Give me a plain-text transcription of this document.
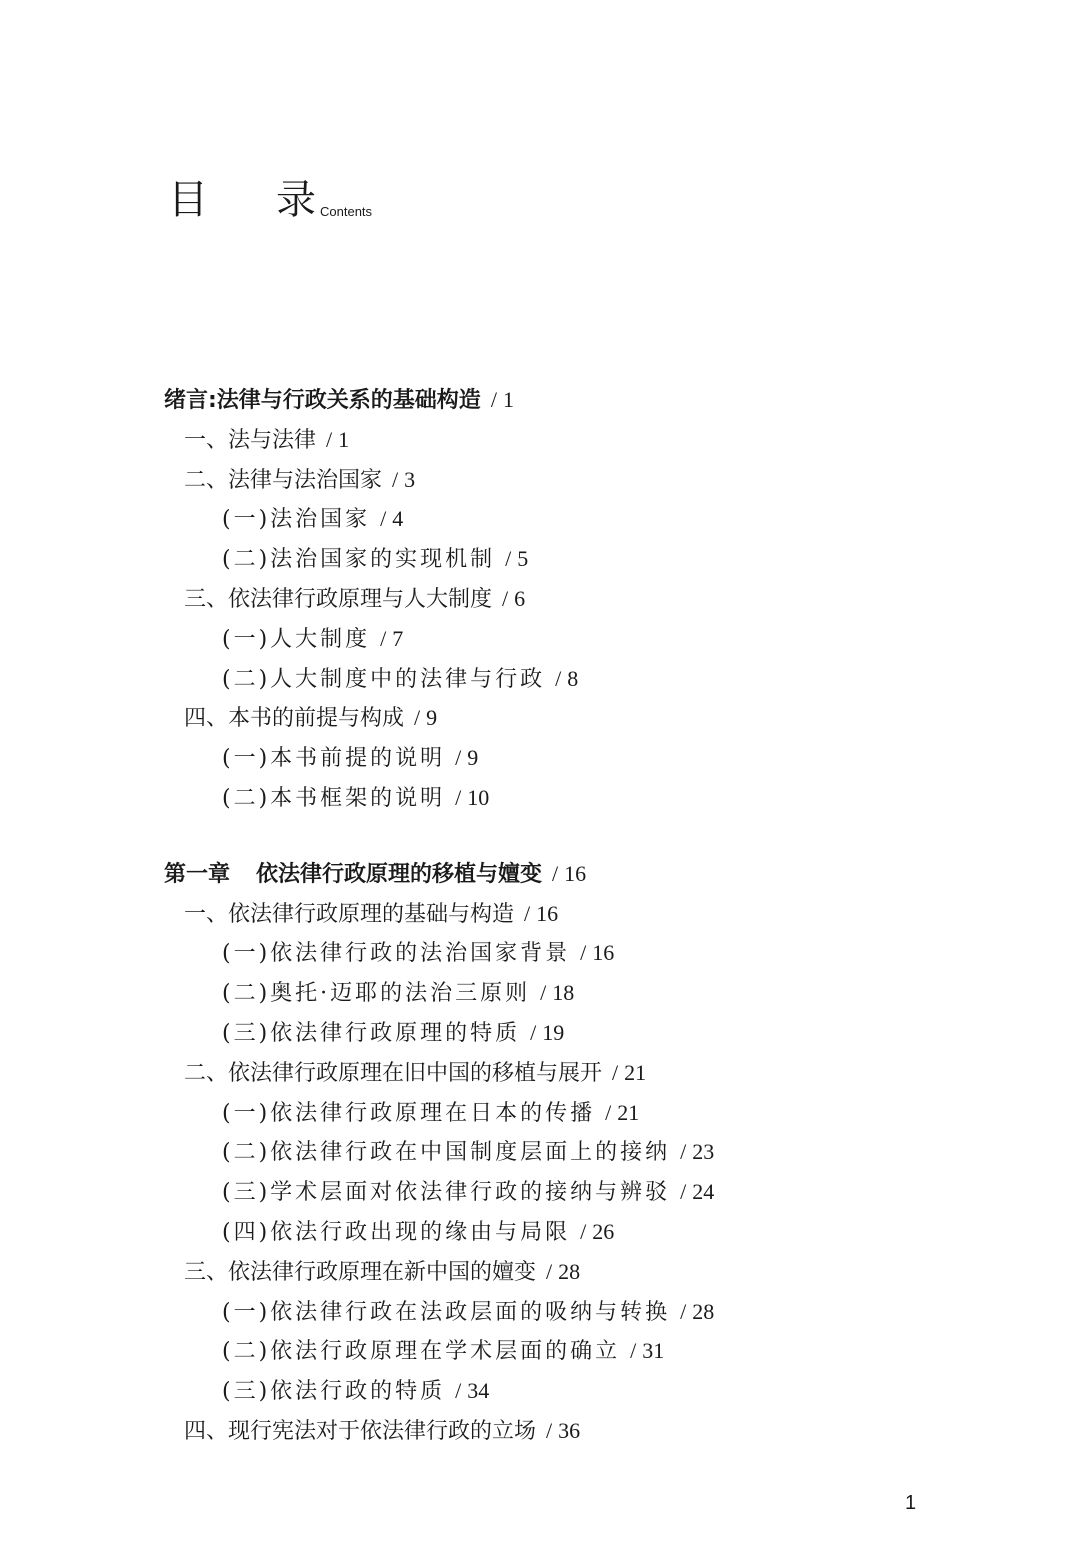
目 录 Contents
绪言:法律与行政关系的基础构造 / 1
一、法与法律 / 1
二、法律与法治国家 / 3
(一)法治国家 / 4
(二)法治国家的实现机制 / 5
三、依法律行政原理与人大制度 / 6
(一)人大制度 / 7
(二)人大制度中的法律与行政 / 8
四、本书的前提与构成 / 9
(一)本书前提的说明 / 9
(二)本书框架的说明 / 10
第一章 依法律行政原理的移植与嬗变 / 16
一、依法律行政原理的基础与构造 / 16
(一)依法律行政的法治国家背景 / 16
(二)奥托·迈耶的法治三原则 / 18
(三)依法律行政原理的特质 / 19
二、依法律行政原理在旧中国的移植与展开 / 21
(一)依法律行政原理在日本的传播 / 21
(二)依法律行政在中国制度层面上的接纳 / 23
(三)学术层面对依法律行政的接纳与辨驳 / 24
(四)依法行政出现的缘由与局限 / 26
三、依法律行政原理在新中国的嬗变 / 28
(一)依法律行政在法政层面的吸纳与转换 / 28
(二)依法行政原理在学术层面的确立 / 31
(三)依法行政的特质 / 34
四、现行宪法对于依法律行政的立场 / 36
1
